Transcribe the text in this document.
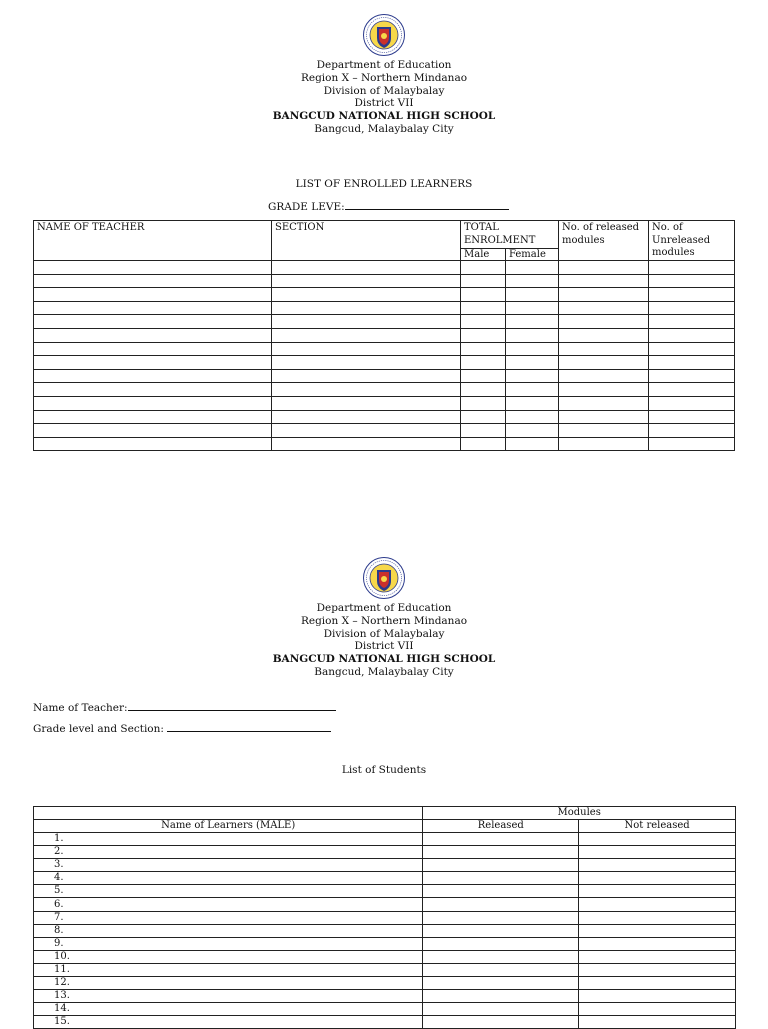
Department of Education
Region X – Northern Mindanao
Division of Malaybalay
District VII
BANGCUD NATIONAL HIGH SCHOOL
Bangcud, Malaybalay City
LIST OF ENROLLED LEARNERS
GRADE LEVE:
NAME OF TEACHER	SECTION	TOTAL ENROLMENT		No. of released modules	No. of Unreleased modules
		Male	Female		

Department of Education
Region X – Northern Mindanao
Division of Malaybalay
District VII
BANGCUD NATIONAL HIGH SCHOOL
Bangcud, Malaybalay City
Name of Teacher:
Grade level and Section:
List of Students
	Modules	
Name of Learners (MALE)	Released	Not released
1.		
2.		
3.		
4.		
5.		
6.		
7.		
8.		
9.		
10.		
11.		
12.		
13.		
14.		
15.		
